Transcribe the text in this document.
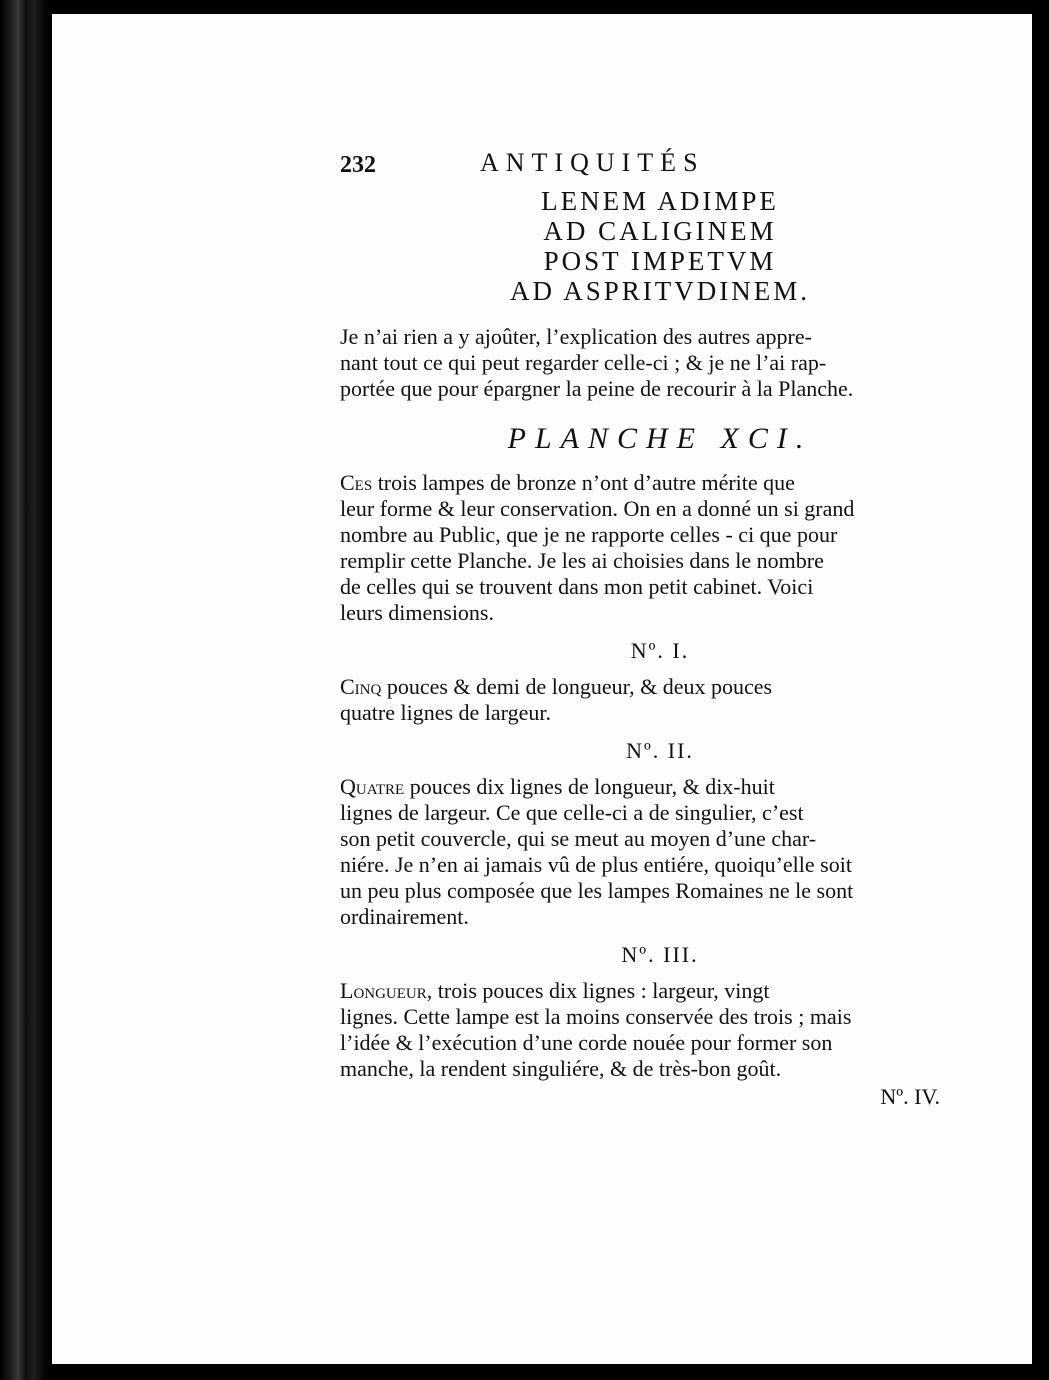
232	ANTIQUITÉS
LENEM ADIMPE
AD CALIGINEM
POST IMPETVM
AD ASPRITVDINEM.

Je n’ai rien a y ajoûter, l’explication des autres appre-
nant tout ce qui peut regarder celle-ci ; & je ne l’ai rap-
portée que pour épargner la peine de recourir à la Planche.

PLANCHE XCI.

Ces trois lampes de bronze n’ont d’autre mérite que
leur forme & leur conservation. On en a donné un si grand
nombre au Public, que je ne rapporte celles - ci que pour
remplir cette Planche. Je les ai choisies dans le nombre
de celles qui se trouvent dans mon petit cabinet. Voici
leurs dimensions.

Nº. I.

Cinq pouces & demi de longueur, & deux pouces
quatre lignes de largeur.

Nº. II.

Quatre pouces dix lignes de longueur, & dix-huit
lignes de largeur. Ce que celle-ci a de singulier, c’est
son petit couvercle, qui se meut au moyen d’une char-
niére. Je n’en ai jamais vû de plus entiére, quoiqu’elle soit
un peu plus composée que les lampes Romaines ne le sont
ordinairement.

Nº. III.

Longueur, trois pouces dix lignes : largeur, vingt
lignes. Cette lampe est la moins conservée des trois ; mais
l’idée & l’exécution d’une corde nouée pour former son
manche, la rendent singuliére, & de très-bon goût.

Nº. IV.
